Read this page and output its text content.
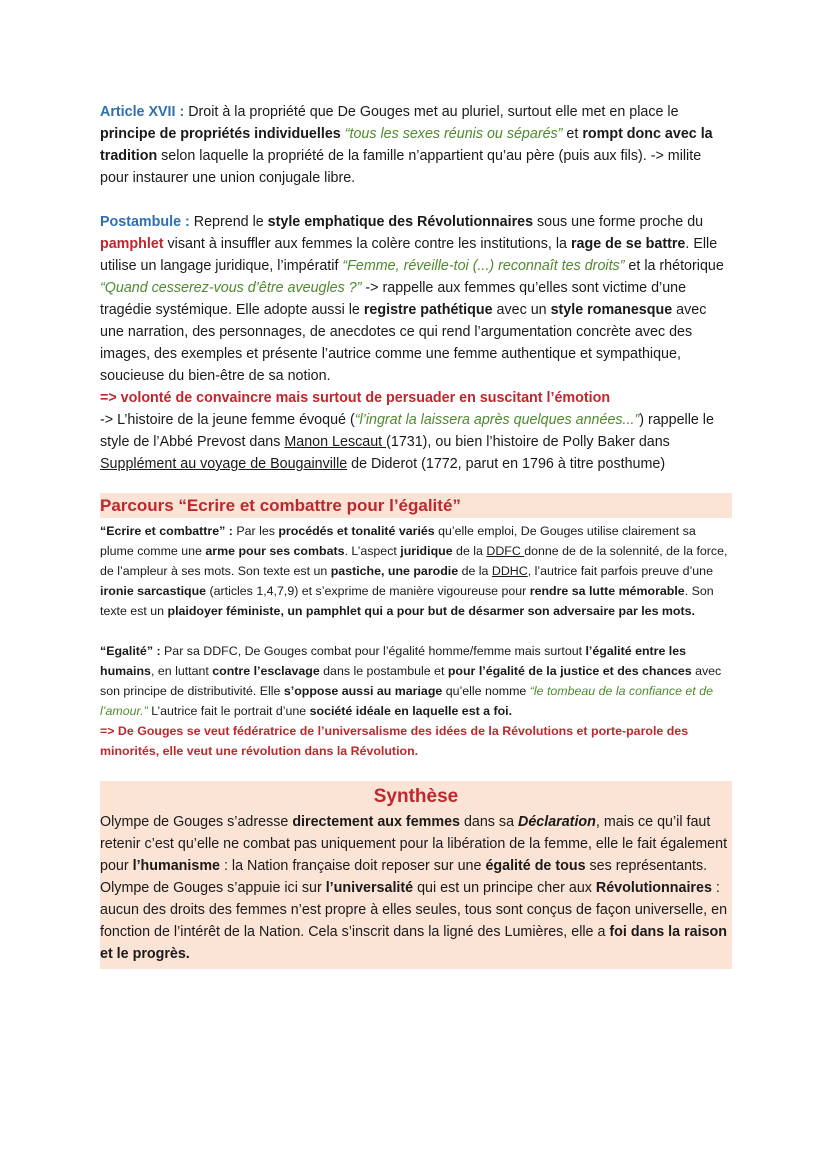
Article XVII : Droit à la propriété que De Gouges met au pluriel, surtout elle met en place le principe de propriétés individuelles “tous les sexes réunis ou séparés” et rompt donc avec la tradition selon laquelle la propriété de la famille n’appartient qu’au père (puis aux fils). -> milite pour instaurer une union conjugale libre.

Postambule : Reprend le style emphatique des Révolutionnaires sous une forme proche du pamphlet visant à insuffler aux femmes la colère contre les institutions, la rage de se battre. Elle utilise un langage juridique, l’impératif “Femme, réveille-toi (...) reconnaît tes droits” et la rhétorique “Quand cesserez-vous d’être aveugles ?” -> rappelle aux femmes qu’elles sont victime d’une tragédie systémique. Elle adopte aussi le registre pathétique avec un style romanesque avec une narration, des personnages, de anecdotes ce qui rend l’argumentation concrète avec des images, des exemples et présente l’autrice comme une femme authentique et sympathique, soucieuse du bien-être de sa notion.
=> volonté de convaincre mais surtout de persuader en suscitant l’émotion
-> L’histoire de la jeune femme évoqué (“l’ingrat la laissera après quelques années...”) rappelle le style de l’Abbé Prevost dans Manon Lescaut (1731), ou bien l’histoire de Polly Baker dans Supplément au voyage de Bougainville de Diderot (1772, parut en 1796 à titre posthume)

Parcours “Ecrire et combattre pour l’égalité”

“Ecrire et combattre” : Par les procédés et tonalité variés qu’elle emploi, De Gouges utilise clairement sa plume comme une arme pour ses combats. L’aspect juridique de la DDFC donne de de la solennité, de la force, de l’ampleur à ses mots. Son texte est un pastiche, une parodie de la DDHC, l’autrice fait parfois preuve d’une ironie sarcastique (articles 1,4,7,9) et s’exprime de manière vigoureuse pour rendre sa lutte mémorable. Son texte est un plaidoyer féministe, un pamphlet qui a pour but de désarmer son adversaire par les mots.

“Egalité” : Par sa DDFC, De Gouges combat pour l’égalité homme/femme mais surtout l’égalité entre les humains, en luttant contre l’esclavage dans le postambule et pour l’égalité de la justice et des chances avec son principe de distributivité. Elle s’oppose aussi au mariage qu’elle nomme “le tombeau de la confiance et de l’amour.” L’autrice fait le portrait d’une société idéale en laquelle est a foi.
=> De Gouges se veut fédératrice de l’universalisme des idées de la Révolutions et porte-parole des minorités, elle veut une révolution dans la Révolution.

Synthèse

Olympe de Gouges s’adresse directement aux femmes dans sa Déclaration, mais ce qu’il faut retenir c’est qu’elle ne combat pas uniquement pour la libération de la femme, elle le fait également pour l’humanisme : la Nation française doit reposer sur une égalité de tous ses représentants.

Olympe de Gouges s’appuie ici sur l’universalité qui est un principe cher aux Révolutionnaires : aucun des droits des femmes n’est propre à elles seules, tous sont conçus de façon universelle, en fonction de l’intérêt de la Nation. Cela s’inscrit dans la ligné des Lumières, elle a foi dans la raison et le progrès.
